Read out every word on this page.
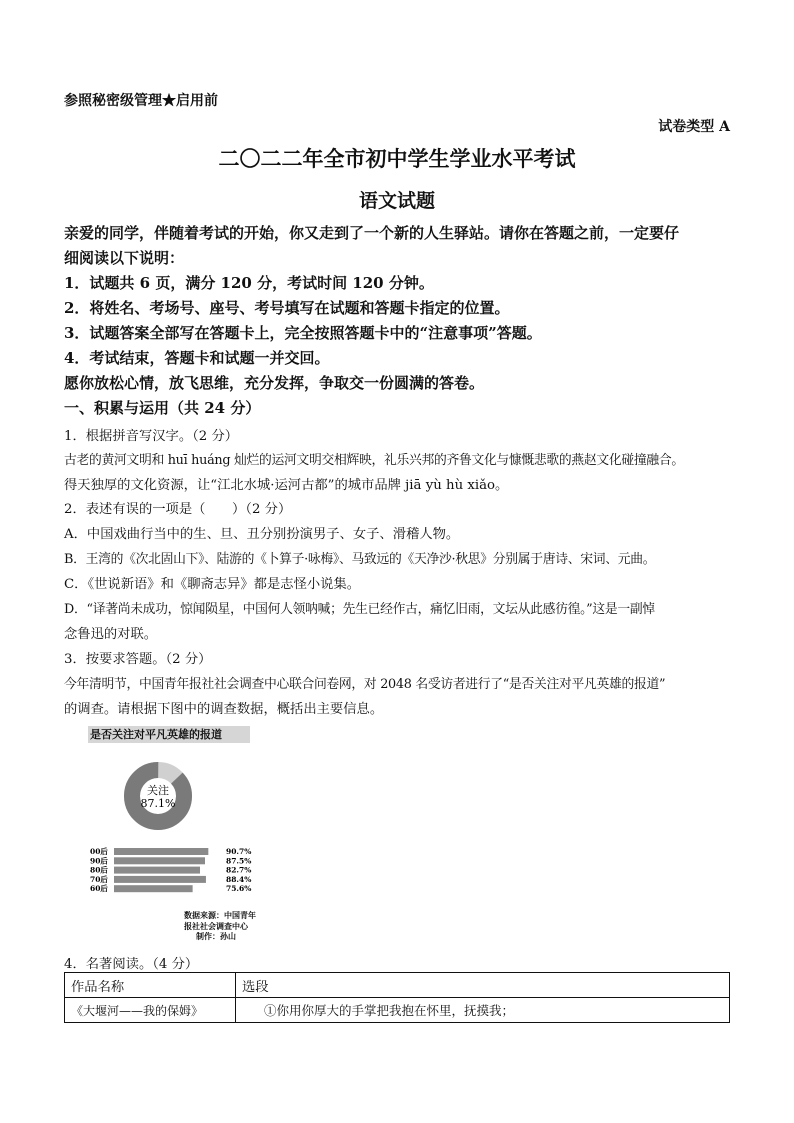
参照秘密级管理★启用前
试卷类型 A
二〇二二年全市初中学生学业水平考试
语文试题
亲爱的同学，伴随着考试的开始，你又走到了一个新的人生驿站。请你在答题之前，一定要仔
细阅读以下说明：
1．试题共 6 页，满分 120 分，考试时间 120 分钟。
2．将姓名、考场号、座号、考号填写在试题和答题卡指定的位置。
3．试题答案全部写在答题卡上，完全按照答题卡中的“注意事项”答题。
4．考试结束，答题卡和试题一并交回。
愿你放松心情，放飞思维，充分发挥，争取交一份圆满的答卷。
一、积累与运用（共 24 分）
1．根据拼音写汉字。（2 分）
古老的黄河文明和 huī huáng 灿烂的运河文明交相辉映，礼乐兴邦的齐鲁文化与慷慨悲歌的燕赵文化碰撞融合。
得天独厚的文化资源，让“江北水城·运河古都”的城市品牌 jiā yù hù xiǎo。
2．表述有误的一项是（　　）（2 分）
A．中国戏曲行当中的生、旦、丑分别扮演男子、女子、滑稽人物。
B．王湾的《次北固山下》、陆游的《卜算子·咏梅》、马致远的《天净沙·秋思》分别属于唐诗、宋词、元曲。
C．《世说新语》和《聊斋志异》都是志怪小说集。
D．“译著尚未成功，惊闻陨星，中国何人领呐喊；先生已经作古，痛忆旧雨，文坛从此感彷徨。”这是一副悼
念鲁迅的对联。
3．按要求答题。（2 分）
今年清明节，中国青年报社社会调查中心联合问卷网，对 2048 名受访者进行了“是否关注对平凡英雄的报道”
的调查。请根据下图中的调查数据，概括出主要信息。
是否关注对平凡英雄的报道
关注
87.1%
00后	90.7%
90后	87.5%
80后	82.7%
70后	88.4%
60后	75.6%
数据来源：中国青年
报社社会调查中心
制作：孙山
4．名著阅读。（4 分）
作品名称	选段
《大堰河——我的保姆》	①你用你厚大的手掌把我抱在怀里，抚摸我；
